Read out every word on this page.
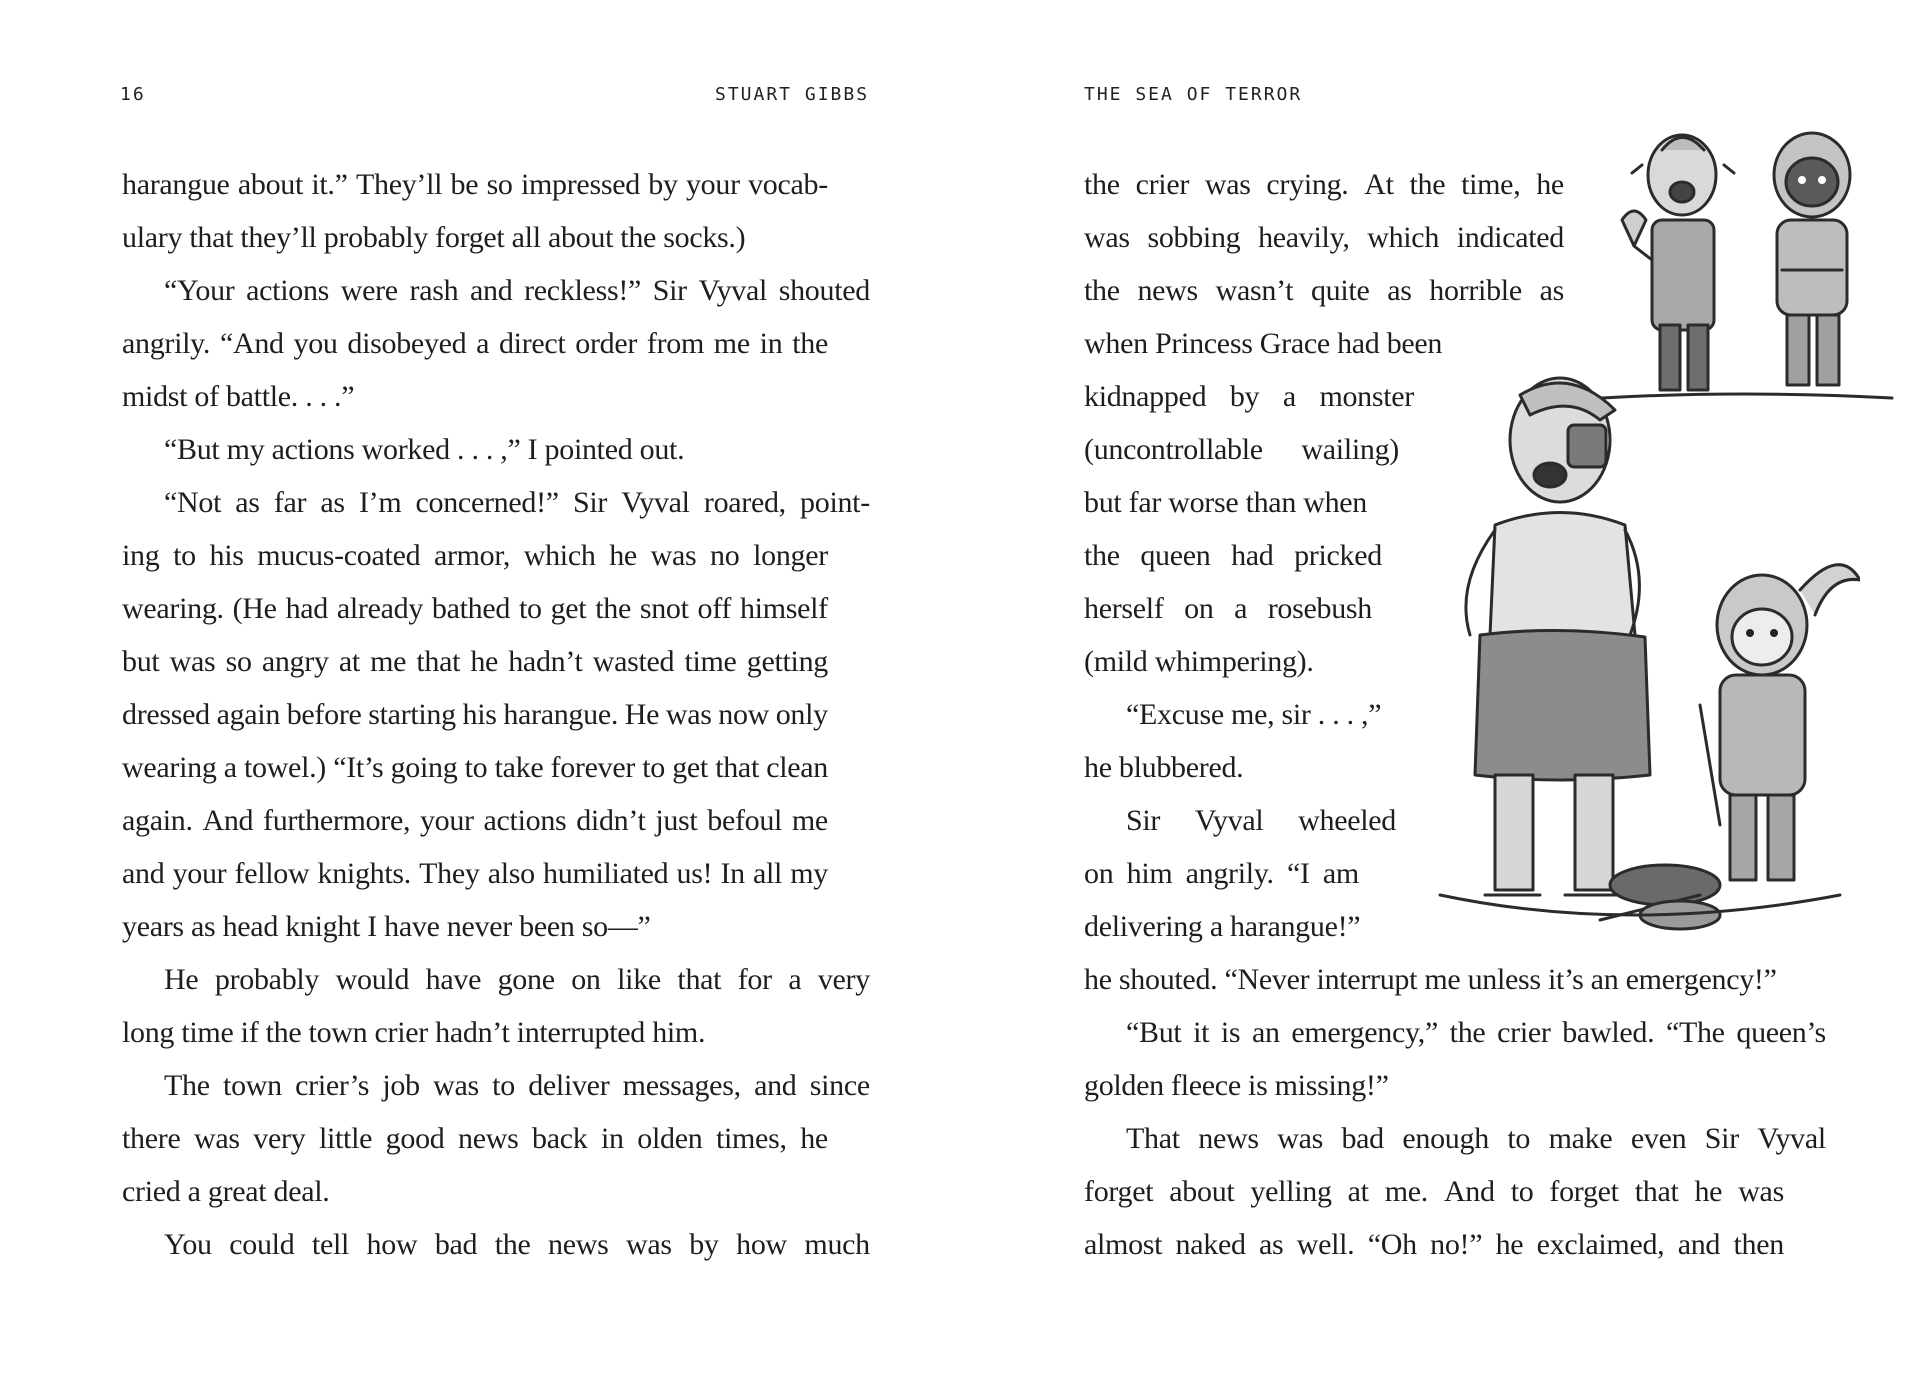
16	STUART GIBBS
harangue about it.” They’ll be so impressed by your vocab-
ulary that they’ll probably forget all about the socks.)
“Your actions were rash and reckless!” Sir Vyval shouted
angrily. “And you disobeyed a direct order from me in the
midst of battle. . . .”
“But my actions worked . . . ,” I pointed out.
“Not as far as I’m concerned!” Sir Vyval roared, point-
ing to his mucus-coated armor, which he was no longer
wearing. (He had already bathed to get the snot off himself
but was so angry at me that he hadn’t wasted time getting
dressed again before starting his harangue. He was now only
wearing a towel.) “It’s going to take forever to get that clean
again. And furthermore, your actions didn’t just befoul me
and your fellow knights. They also humiliated us! In all my
years as head knight I have never been so—”
He probably would have gone on like that for a very
long time if the town crier hadn’t interrupted him.
The town crier’s job was to deliver messages, and since
there was very little good news back in olden times, he
cried a great deal.
You could tell how bad the news was by how much
THE SEA OF TERROR
the crier was crying. At the time, he
was sobbing heavily, which indicated
the news wasn’t quite as horrible as
when Princess Grace had been
kidnapped by a monster
(uncontrollable wailing)
but far worse than when
the queen had pricked
herself on a rosebush
(mild whimpering).
“Excuse me, sir . . . ,”
he blubbered.
Sir Vyval wheeled
on him angrily. “I am
delivering a harangue!”
he shouted. “Never interrupt me unless it’s an emergency!”
“But it is an emergency,” the crier bawled. “The queen’s
golden fleece is missing!”
That news was bad enough to make even Sir Vyval
forget about yelling at me. And to forget that he was
almost naked as well. “Oh no!” he exclaimed, and then
